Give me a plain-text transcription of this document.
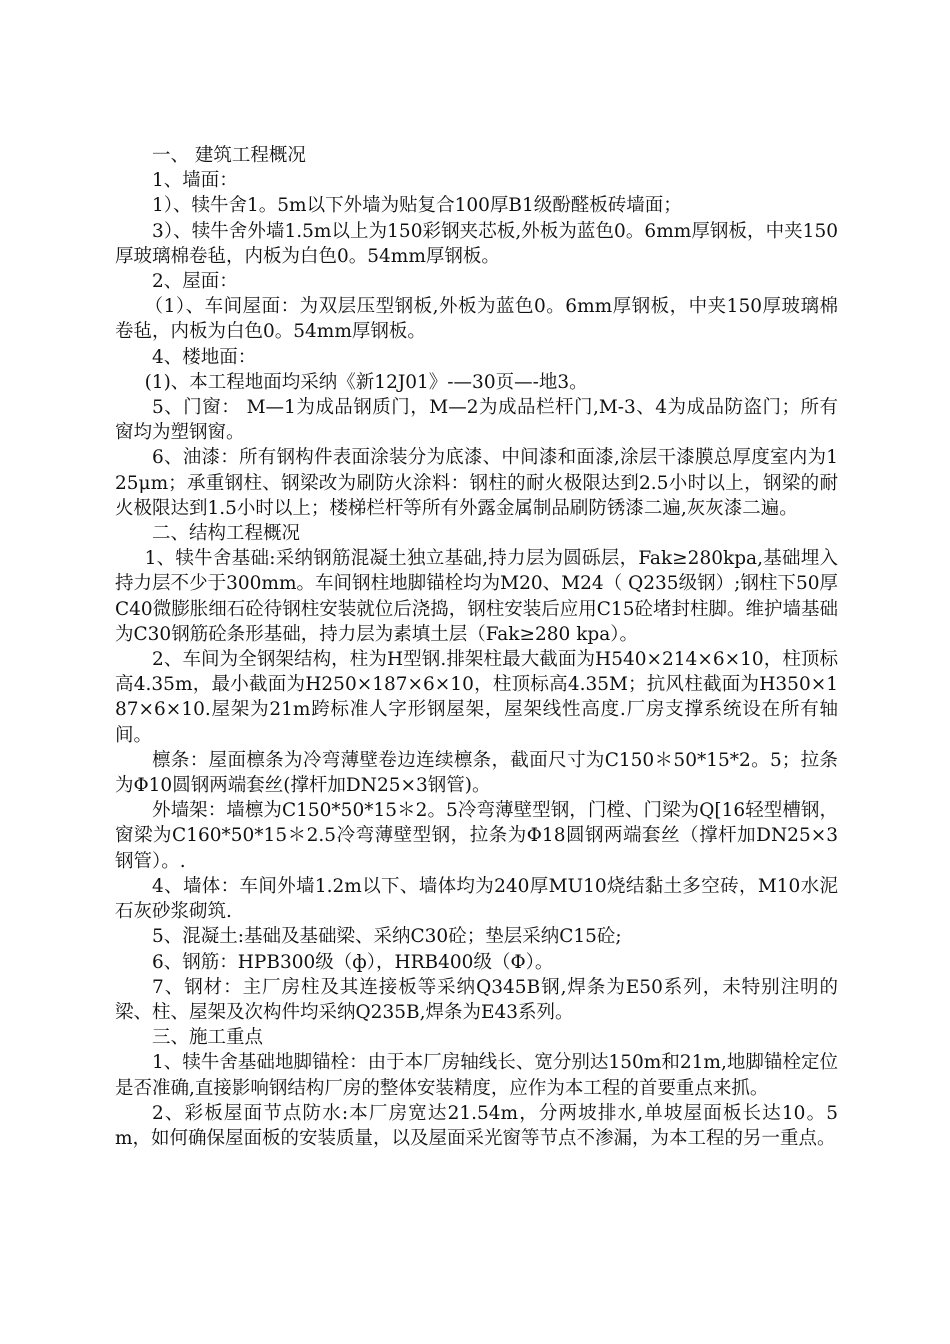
一、 建筑工程概况

1、墙面：

1）、犊牛舍1。5m以下外墙为贴复合100厚B1级酚醛板砖墙面；

3）、犊牛舍外墙1.5m以上为150彩钢夹芯板,外板为蓝色0。6mm厚钢板，中夹150厚玻璃棉卷毡，内板为白色0。54mm厚钢板。

2、屋面：

（1）、车间屋面：为双层压型钢板,外板为蓝色0。6mm厚钢板，中夹150厚玻璃棉卷毡，内板为白色0。54mm厚钢板。

4、楼地面：

(1)、本工程地面均采纳《新12J01》-—30页—-地3。

5、门窗： M—1为成品钢质门，M—2为成品栏杆门,M-3、4为成品防盗门；所有窗均为塑钢窗。

6、油漆：所有钢构件表面涂装分为底漆、中间漆和面漆,涂层干漆膜总厚度室内为125μm；承重钢柱、钢梁改为刷防火涂料：钢柱的耐火极限达到2.5小时以上，钢梁的耐火极限达到1.5小时以上；楼梯栏杆等所有外露金属制品刷防锈漆二遍,灰灰漆二遍。

二、结构工程概况

1、犊牛舍基础:采纳钢筋混凝土独立基础,持力层为圆砾层，Fak≥280kpa,基础埋入持力层不少于300mm。车间钢柱地脚锚栓均为M20、M24（ Q235级钢）;钢柱下50厚C40微膨胀细石砼待钢柱安装就位后浇捣，钢柱安装后应用C15砼堵封柱脚。维护墙基础为C30钢筋砼条形基础，持力层为素填土层（Fak≥280 kpa）。

2、车间为全钢架结构，柱为H型钢.排架柱最大截面为H540×214×6×10，柱顶标高4.35m，最小截面为H250×187×6×10，柱顶标高4.35M；抗风柱截面为H350×187×6×10.屋架为21m跨标准人字形钢屋架，屋架线性高度.厂房支撑系统设在所有轴间。

檩条：屋面檩条为冷弯薄壁卷边连续檩条，截面尺寸为C150＊50*15*2。5；拉条为Φ10圆钢两端套丝(撑杆加DN25×3钢管)。

外墙架：墙檩为C150*50*15＊2。5冷弯薄壁型钢，门樘、门梁为Q[16轻型槽钢，窗梁为C160*50*15＊2.5冷弯薄壁型钢，拉条为Φ18圆钢两端套丝（撑杆加DN25×3钢管）。.

4、墙体：车间外墙1.2m以下、墙体均为240厚MU10烧结黏土多空砖，M10水泥石灰砂浆砌筑.

5、混凝土:基础及基础梁、采纳C30砼；垫层采纳C15砼;

6、钢筋：HPB300级（ф），HRB400级（Φ）。

7、钢材：主厂房柱及其连接板等采纳Q345B钢,焊条为E50系列，未特别注明的梁、柱、屋架及次构件均采纳Q235B,焊条为E43系列。

三、施工重点

1、犊牛舍基础地脚锚栓：由于本厂房轴线长、宽分别达150m和21m,地脚锚栓定位是否准确,直接影响钢结构厂房的整体安装精度，应作为本工程的首要重点来抓。

2、彩板屋面节点防水:本厂房宽达21.54m，分两坡排水,单坡屋面板长达10。5 m，如何确保屋面板的安装质量，以及屋面采光窗等节点不渗漏，为本工程的另一重点。
